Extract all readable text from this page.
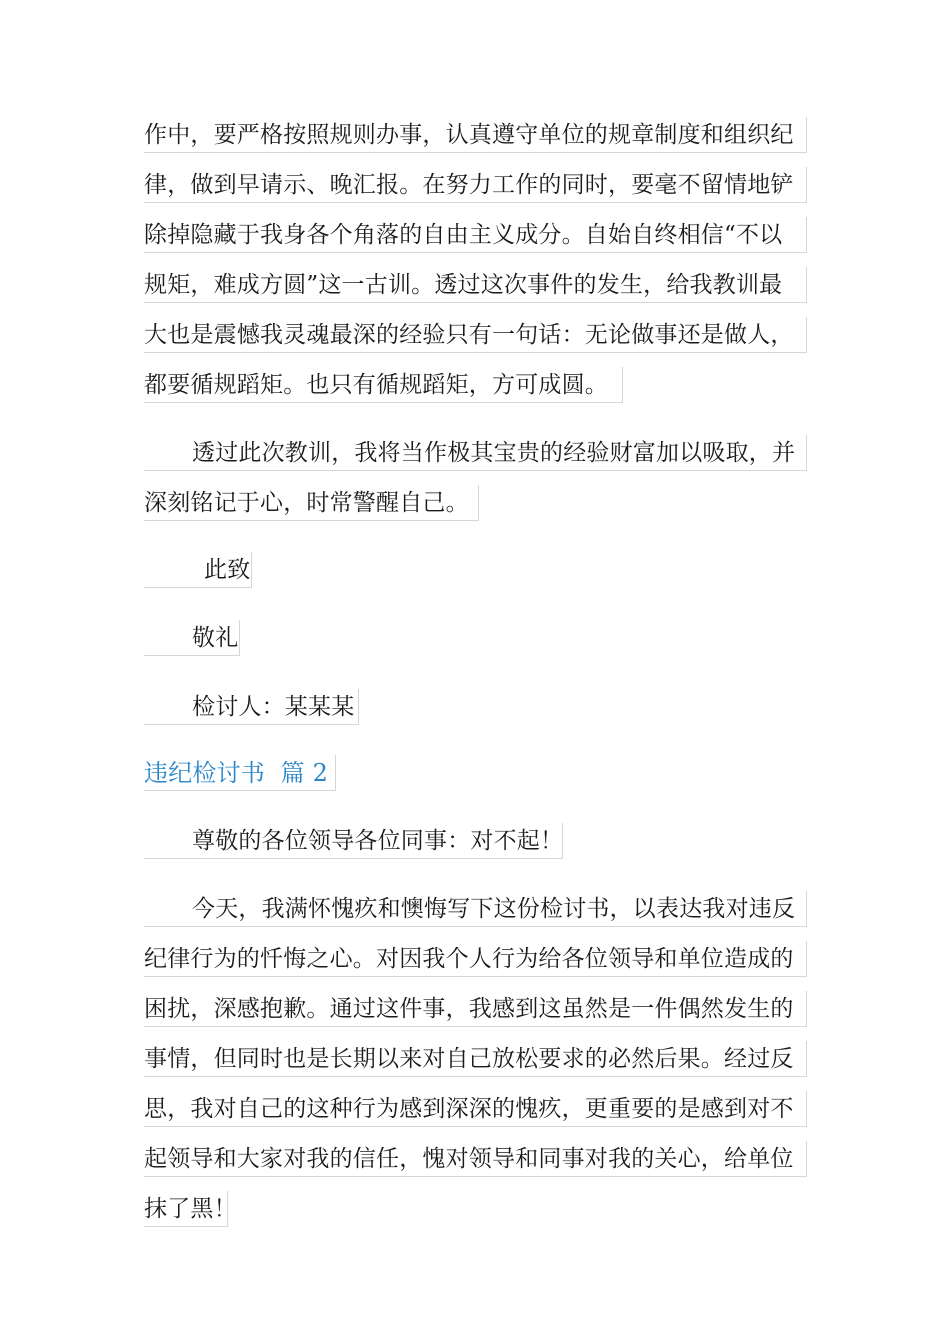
作中，要严格按照规则办事，认真遵守单位的规章制度和组织纪
律，做到早请示、晚汇报。在努力工作的同时，要毫不留情地铲
除掉隐藏于我身各个角落的自由主义成分。自始自终相信“不以
规矩，难成方圆”这一古训。透过这次事件的发生，给我教训最
大也是震憾我灵魂最深的经验只有一句话：无论做事还是做人，
都要循规蹈矩。也只有循规蹈矩，方可成圆。
透过此次教训，我将当作极其宝贵的经验财富加以吸取，并
深刻铭记于心，时常警醒自己。
此致
敬礼
检讨人：某某某
违纪检讨书  篇 2
尊敬的各位领导各位同事：对不起！
今天，我满怀愧疚和懊悔写下这份检讨书，以表达我对违反
纪律行为的忏悔之心。对因我个人行为给各位领导和单位造成的
困扰，深感抱歉。通过这件事，我感到这虽然是一件偶然发生的
事情，但同时也是长期以来对自己放松要求的必然后果。经过反
思，我对自己的这种行为感到深深的愧疚，更重要的是感到对不
起领导和大家对我的信任，愧对领导和同事对我的关心，给单位
抹了黑！
